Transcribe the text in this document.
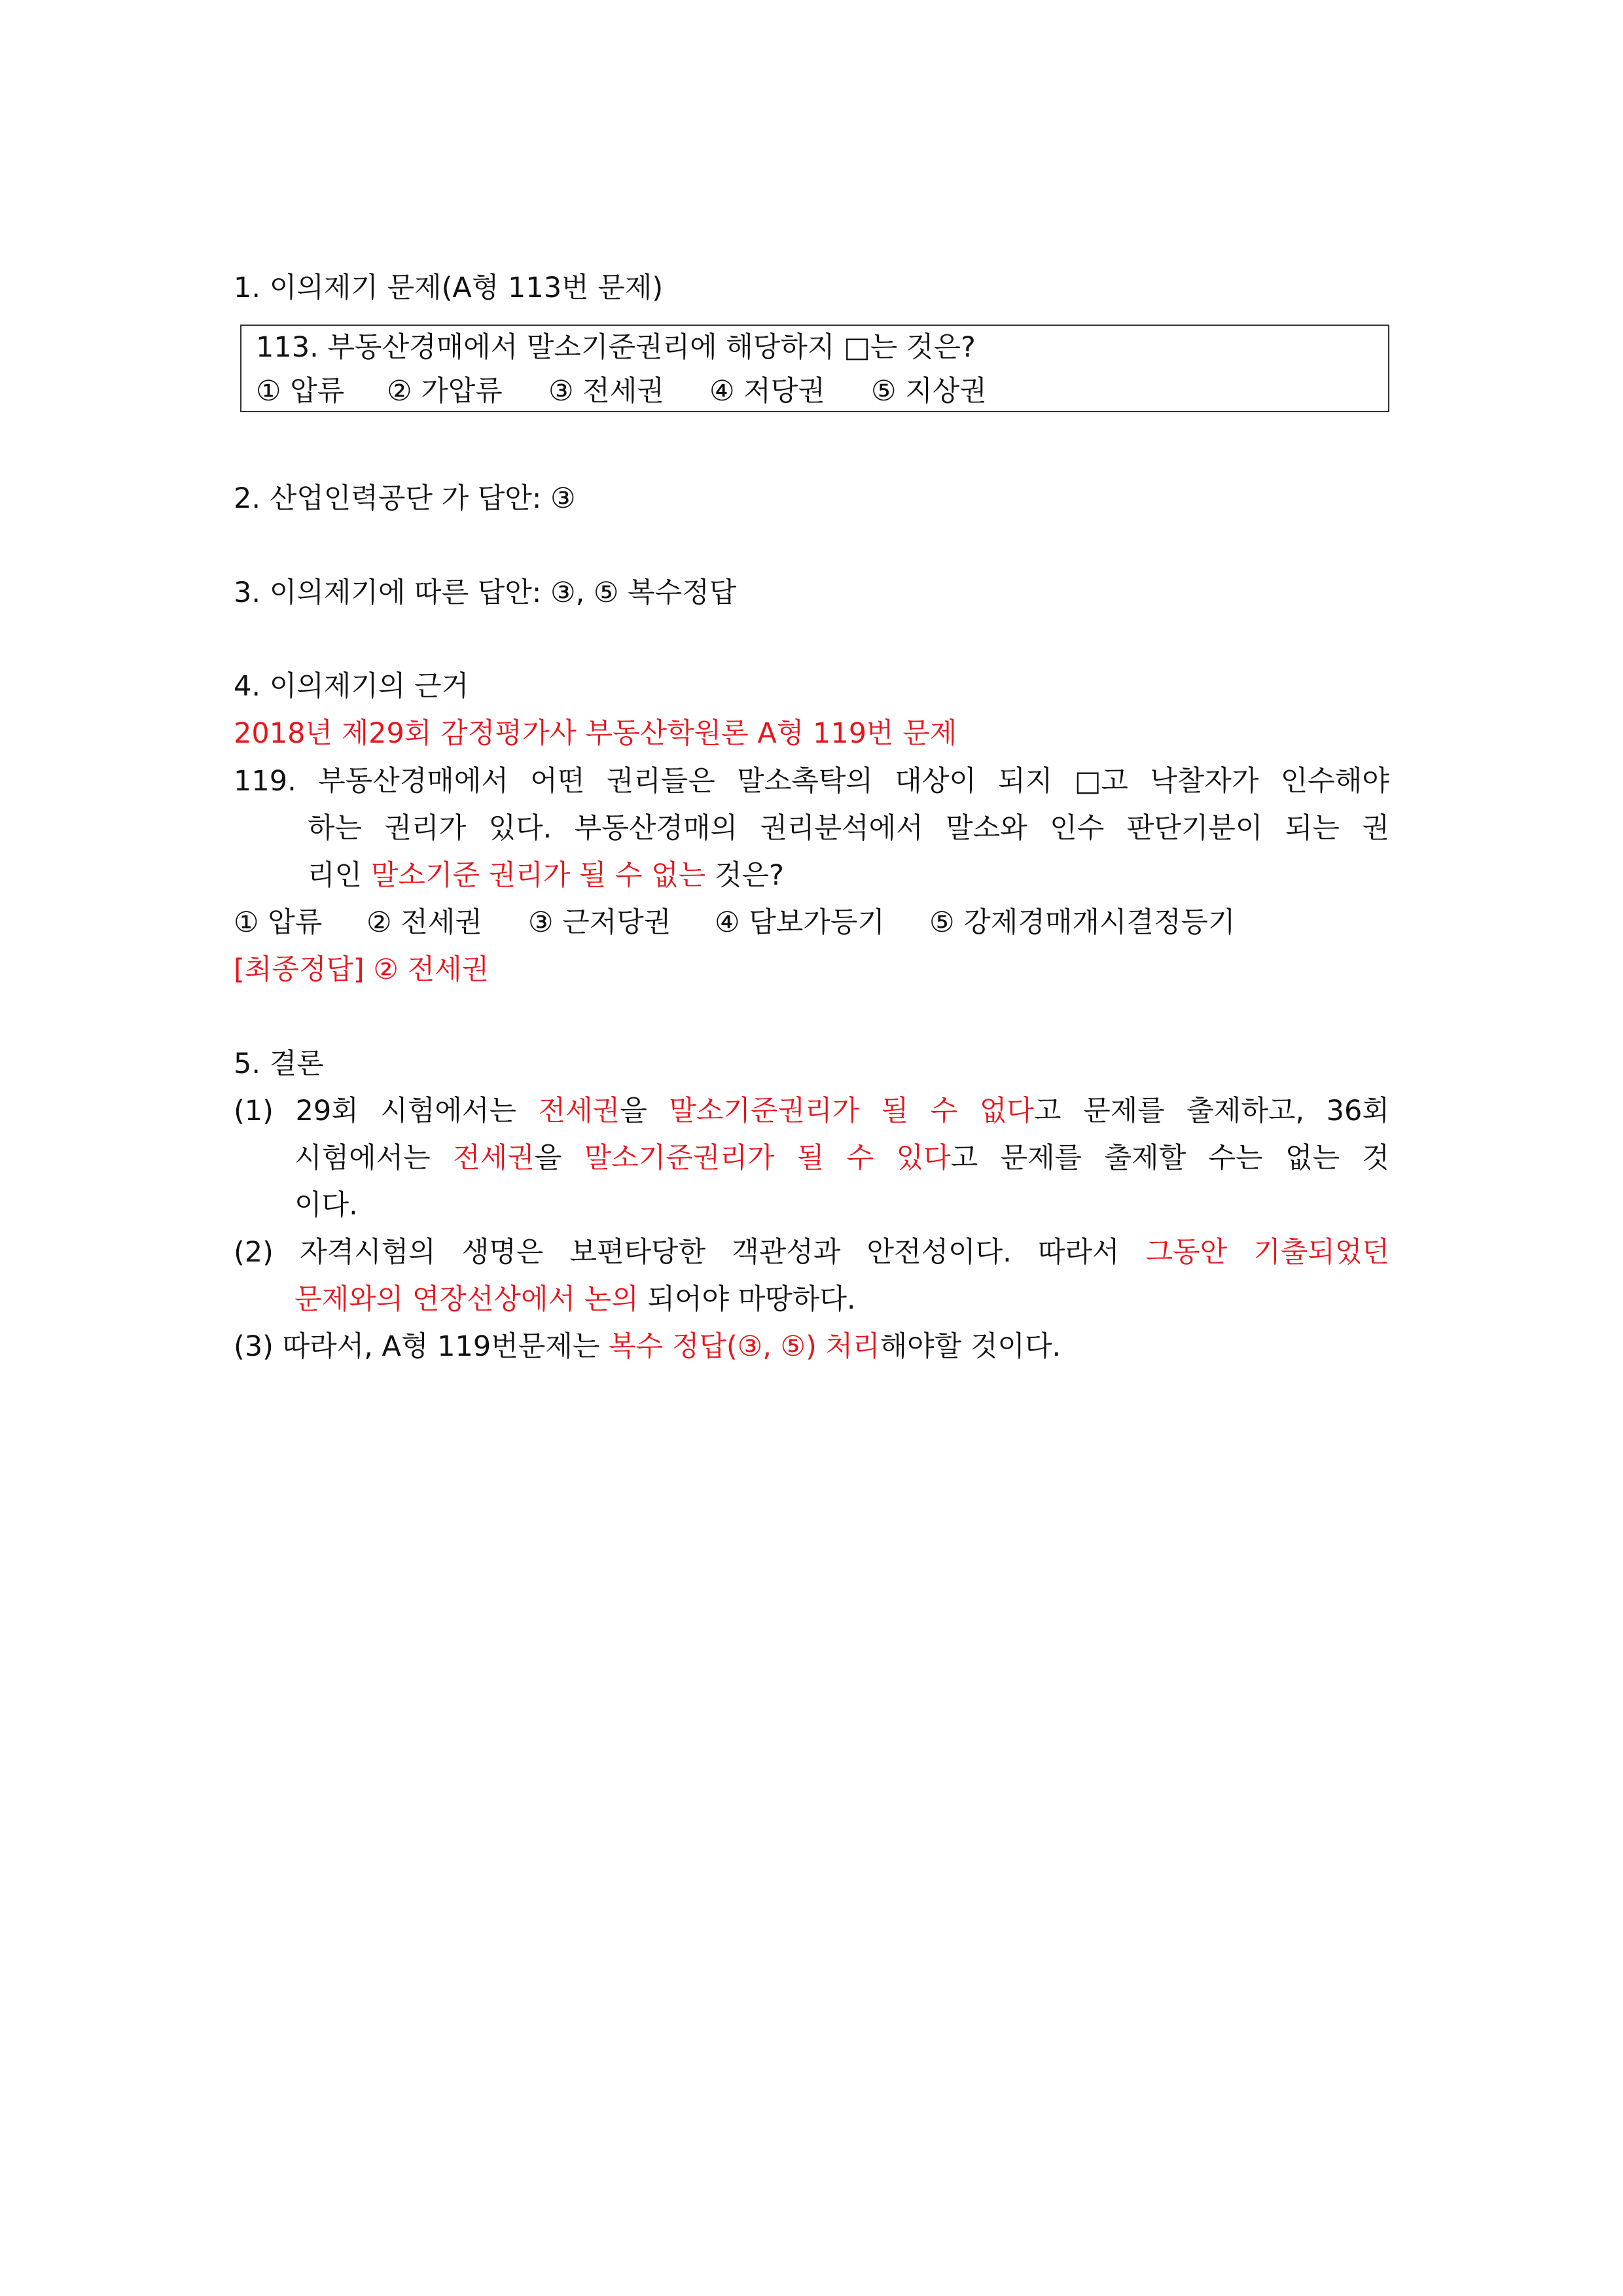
1. 이의제기 문제(A형 113번 문제)
113. 부동산경매에서 말소기준권리에 해당하지 □는 것은?
① 압류 ② 가압류 ③ 전세권 ④ 저당권 ⑤ 지상권
2. 산업인력공단 가 답안: ③
3. 이의제기에 따른 답안: ③, ⑤ 복수정답
4. 이의제기의 근거
2018년 제29회 감정평가사 부동산학원론 A형 119번 문제
119. 부동산경매에서 어떤 권리들은 말소촉탁의 대상이 되지 □고 낙찰자가 인수해야
하는 권리가 있다. 부동산경매의 권리분석에서 말소와 인수 판단기분이 되는 권
리인 말소기준 권리가 될 수 없는 것은?
① 압류 ② 전세권 ③ 근저당권 ④ 담보가등기 ⑤ 강제경매개시결정등기
[최종정답] ② 전세권
5. 결론
(1) 29회 시험에서는 전세권을 말소기준권리가 될 수 없다고 문제를 출제하고, 36회
시험에서는 전세권을 말소기준권리가 될 수 있다고 문제를 출제할 수는 없는 것
이다.
(2) 자격시험의 생명은 보편타당한 객관성과 안전성이다. 따라서 그동안 기출되었던
문제와의 연장선상에서 논의 되어야 마땅하다.
(3) 따라서, A형 119번문제는 복수 정답(③, ⑤) 처리해야할 것이다.
